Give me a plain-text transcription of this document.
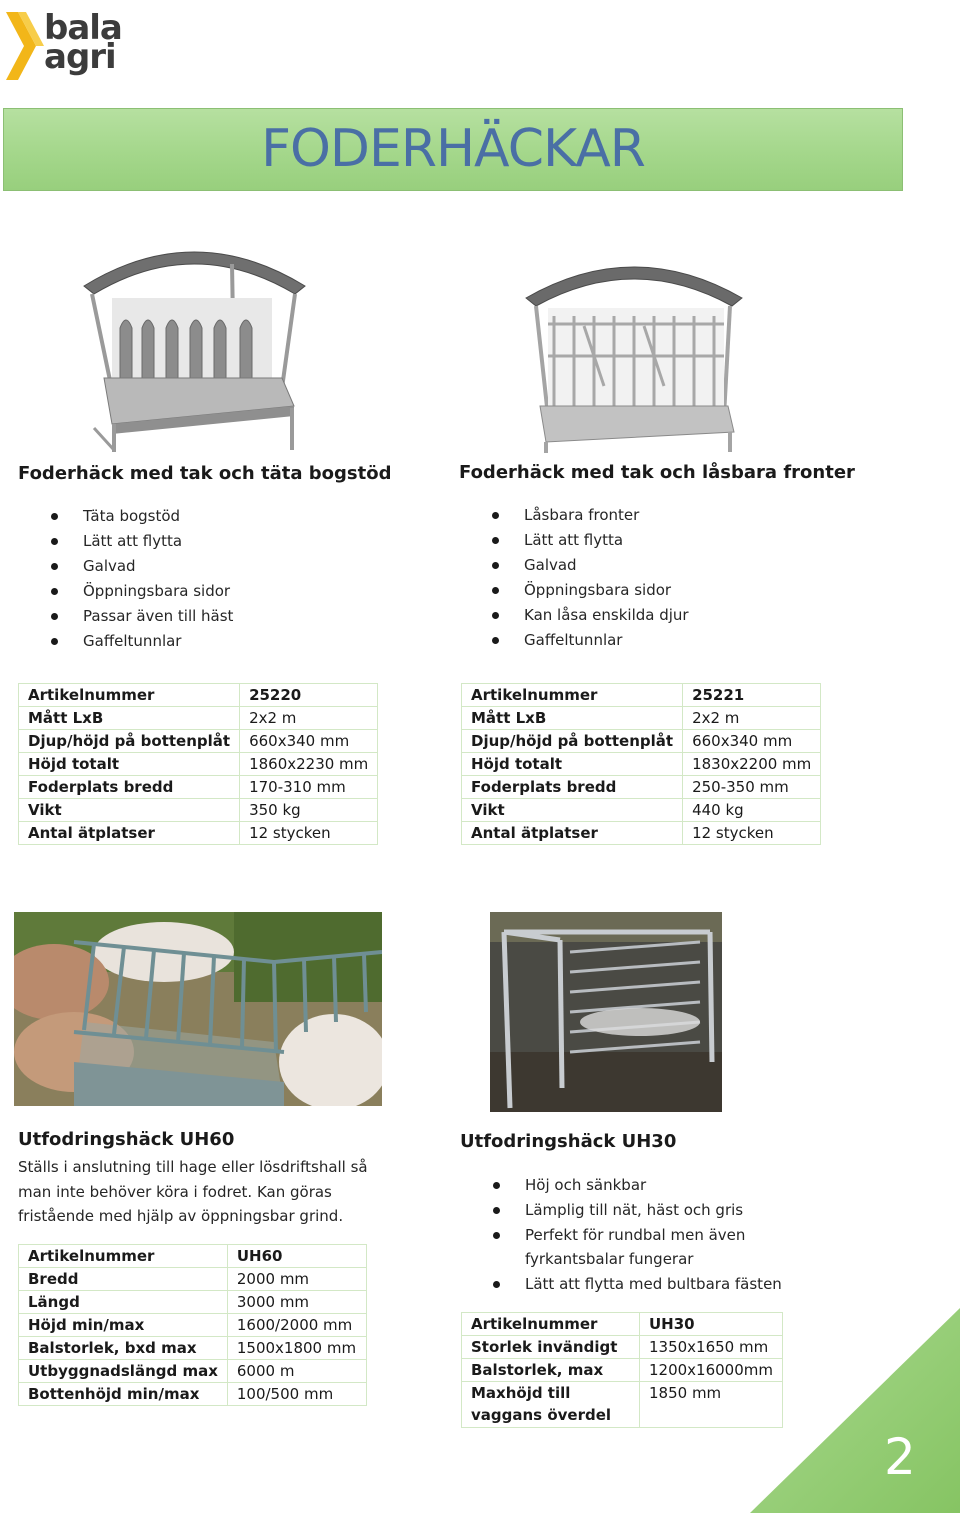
bala
agri
FODERHÄCKAR
Foderhäck med tak och täta bogstöd
Täta bogstöd
Lätt att flytta
Galvad
Öppningsbara sidor
Passar även till häst
Gaffeltunnlar
Foderhäck med tak och låsbara fronter
Låsbara fronter
Lätt att flytta
Galvad
Öppningsbara sidor
Kan låsa enskilda djur
Gaffeltunnlar
Artikelnummer	25220
Mått LxB	2x2 m
Djup/höjd på bottenplåt	660x340 mm
Höjd totalt	1860x2230 mm
Foderplats bredd	170-310 mm
Vikt	350 kg
Antal ätplatser	12 stycken
Artikelnummer	25221
Mått LxB	2x2 m
Djup/höjd på bottenplåt	660x340 mm
Höjd totalt	1830x2200 mm
Foderplats bredd	250-350 mm
Vikt	440 kg
Antal ätplatser	12 stycken
Utfodringshäck UH60
Ställs i anslutning till hage eller lösdriftshall så man inte behöver köra i fodret. Kan göras fristående med hjälp av öppningsbar grind.
Utfodringshäck UH30
Höj och sänkbar
Lämplig till nät, häst och gris
Perfekt för rundbal men även fyrkantsbalar fungerar
Lätt att flytta med bultbara fästen
Artikelnummer	UH60
Bredd	2000 mm
Längd	3000 mm
Höjd min/max	1600/2000 mm
Balstorlek, bxd max	1500x1800 mm
Utbyggnadslängd max	6000 m
Bottenhöjd min/max	100/500 mm
Artikelnummer	UH30
Storlek invändigt	1350x1650 mm
Balstorlek, max	1200x16000mm
Maxhöjd till vaggans överdel	1850 mm
2
